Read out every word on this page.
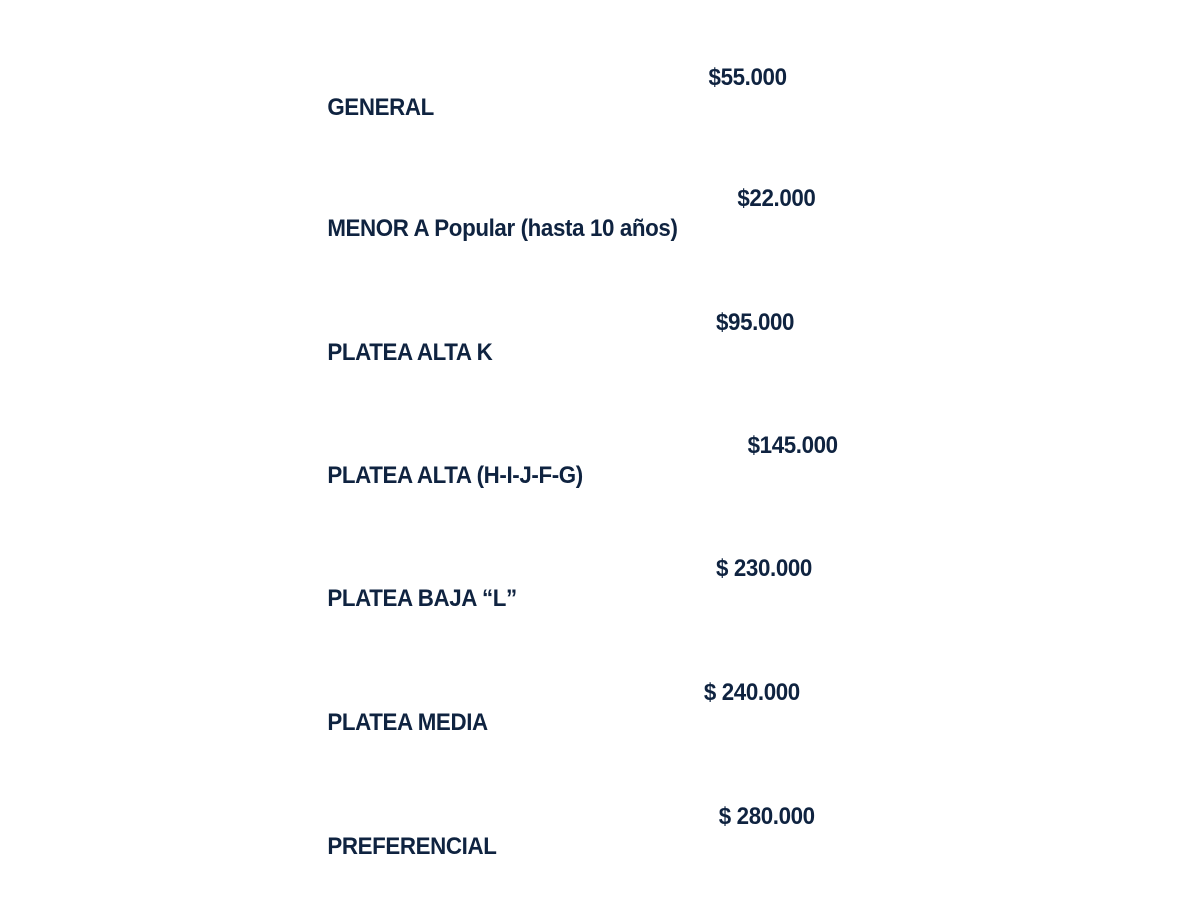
GENERAL

$55.000

MENOR A Popular (hasta 10 años)

$22.000

PLATEA ALTA K

$95.000

PLATEA ALTA (H-I-J-F-G)

$145.000

PLATEA BAJA “L”

$ 230.000

PLATEA MEDIA

$ 240.000

PREFERENCIAL

$ 280.000
